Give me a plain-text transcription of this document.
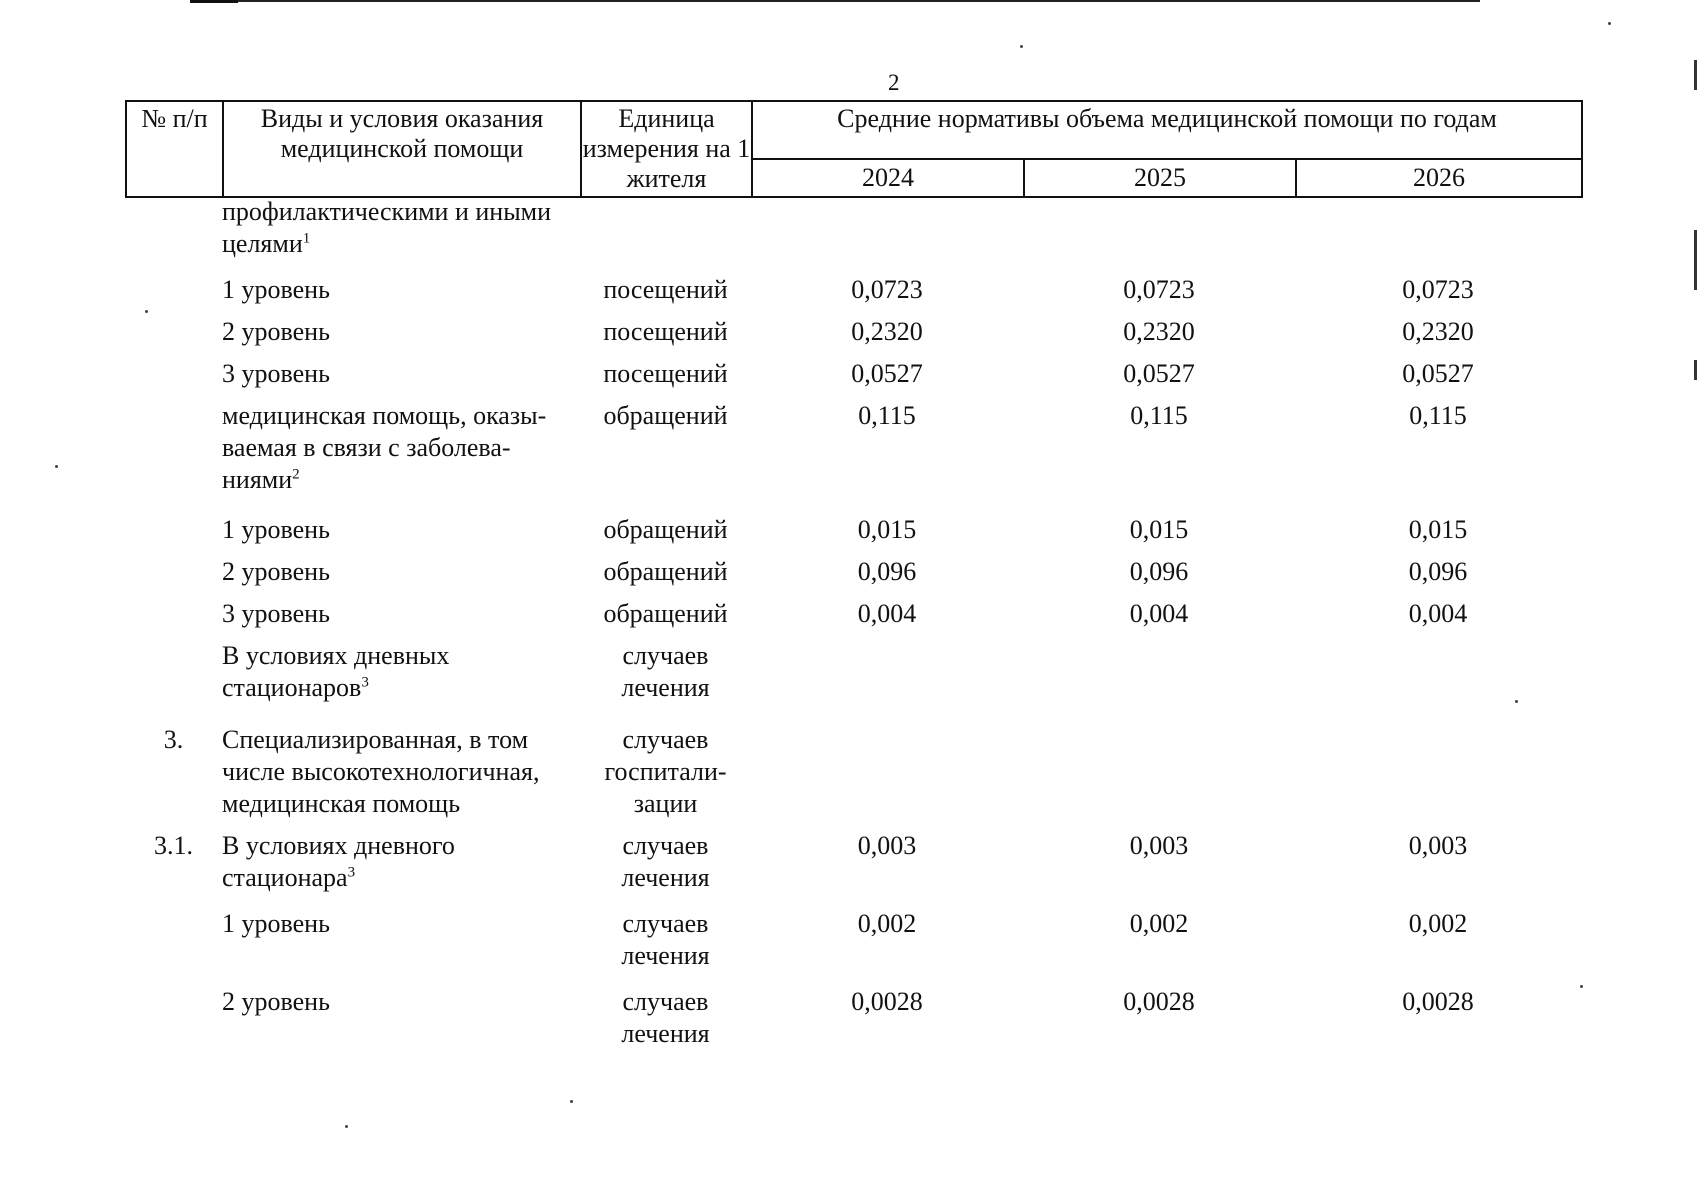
2
№ п/п	Виды и условия оказания медицинской помощи	Единица измерения на 1 жителя	Средние нормативы объема медицинской помощи по годам		
			2024	2025	2026
	профилактическими и иными целями$^1$				
	1 уровень	посещений	0,0723	0,0723	0,0723
	2 уровень	посещений	0,2320	0,2320	0,2320
	3 уровень	посещений	0,0527	0,0527	0,0527
	медицинская помощь, оказы-ваемая в связи с заболева-ниями$^2$	обращений	0,115	0,115	0,115
	1 уровень	обращений	0,015	0,015	0,015
	2 уровень	обращений	0,096	0,096	0,096
	3 уровень	обращений	0,004	0,004	0,004
	В условиях дневных стационаров$^3$	случаев лечения			
3.	Специализированная, в том числе высокотехнологичная, медицинская помощь	случаев госпитали-зации			
3.1.	В условиях дневного стационара$^3$	случаев лечения	0,003	0,003	0,003
	1 уровень	случаев лечения	0,002	0,002	0,002
	2 уровень	случаев лечения	0,0028	0,0028	0,0028
